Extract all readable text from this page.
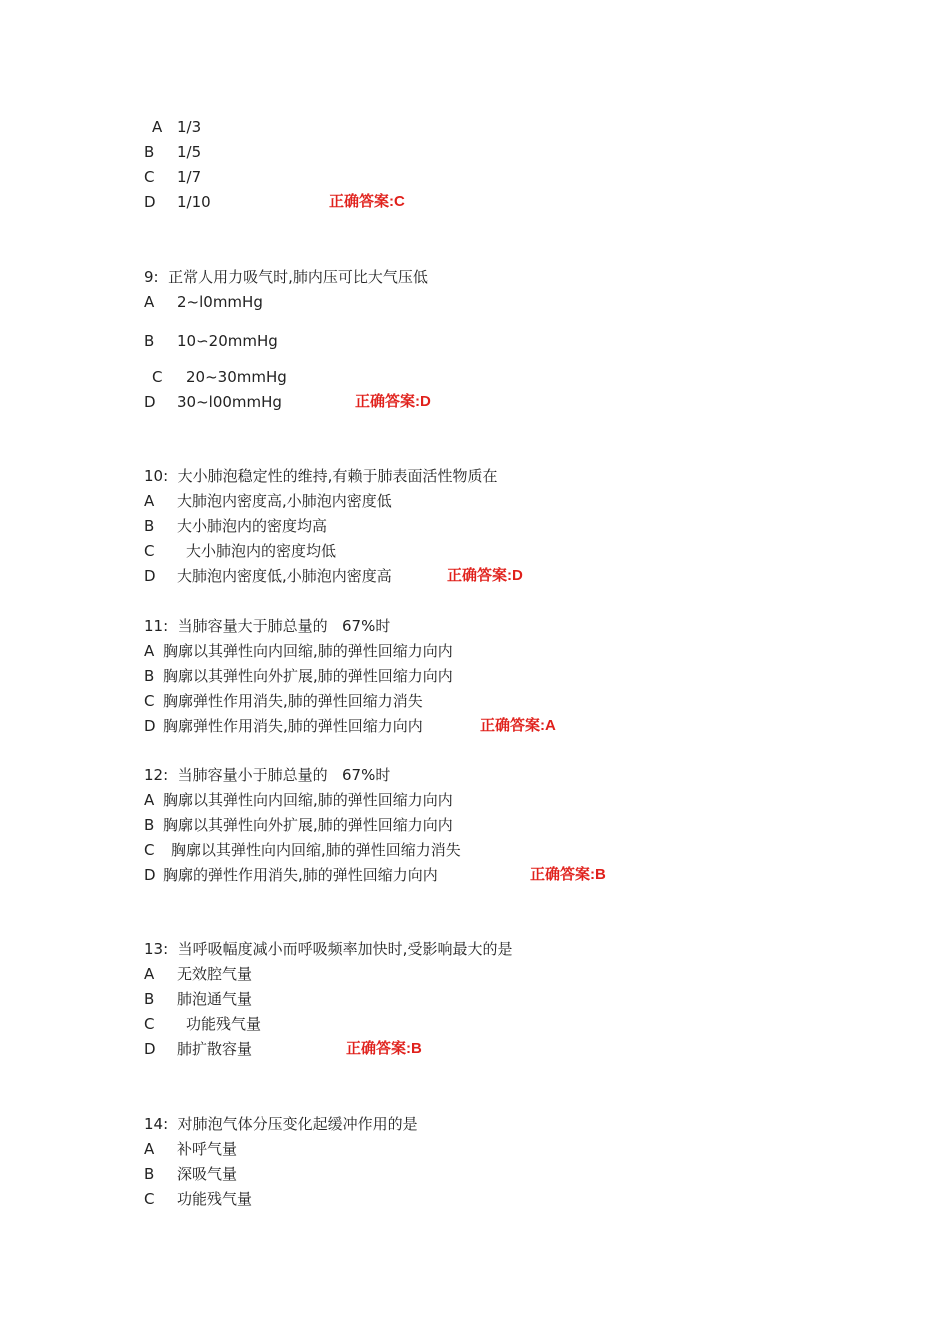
A 1/3
B 1/5
C 1/7
D 1/10	正确答案:C
9:  正常人用力吸气时,肺内压可比大气压低
A 2~l0mmHg
B 10∽20mmHg
C 20~30mmHg
D 30~l00mmHg	正确答案:D
10:  大小肺泡稳定性的维持,有赖于肺表面活性物质在
A 大肺泡内密度高,小肺泡内密度低
B 大小肺泡内的密度均高
C 大小肺泡内的密度均低
D 大肺泡内密度低,小肺泡内密度高	正确答案:D
11:  当肺容量大于肺总量的   67%时
A 胸廓以其弹性向内回缩,肺的弹性回缩力向内
B 胸廓以其弹性向外扩展,肺的弹性回缩力向内
C 胸廓弹性作用消失,肺的弹性回缩力消失
D 胸廓弹性作用消失,肺的弹性回缩力向内	正确答案:A
12:  当肺容量小于肺总量的   67%时
A 胸廓以其弹性向内回缩,肺的弹性回缩力向内
B 胸廓以其弹性向外扩展,肺的弹性回缩力向内
C 胸廓以其弹性向内回缩,肺的弹性回缩力消失
D 胸廓的弹性作用消失,肺的弹性回缩力向内	正确答案:B
13:  当呼吸幅度减小而呼吸频率加快时,受影响最大的是
A 无效腔气量
B 肺泡通气量
C 功能残气量
D 肺扩散容量	正确答案:B
14:  对肺泡气体分压变化起缓冲作用的是
A 补呼气量
B 深吸气量
C 功能残气量
